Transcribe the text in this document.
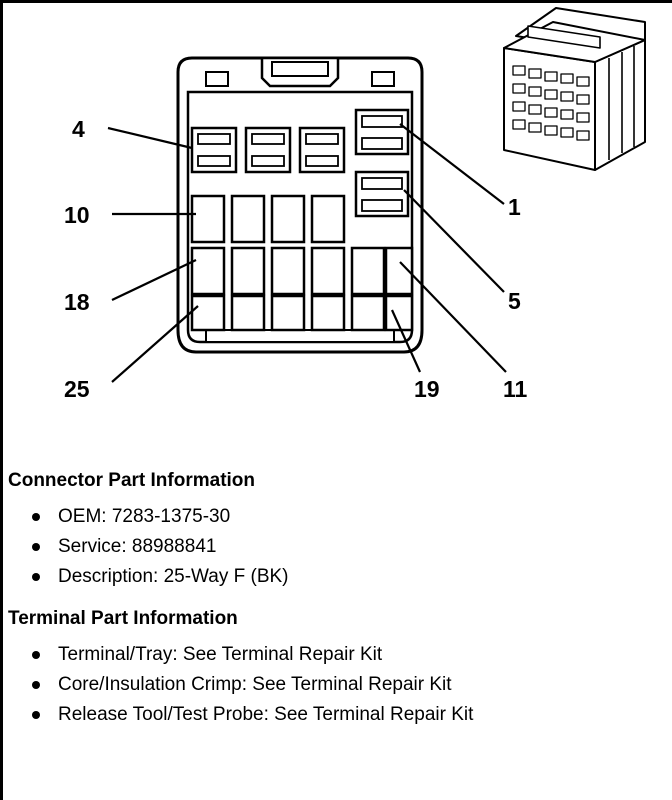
4
10
18
25
1
5
11
19
Connector Part Information
OEM: 7283-1375-30
Service: 88988841
Description: 25-Way F (BK)
Terminal Part Information
Terminal/Tray: See Terminal Repair Kit
Core/Insulation Crimp: See Terminal Repair Kit
Release Tool/Test Probe: See Terminal Repair Kit
